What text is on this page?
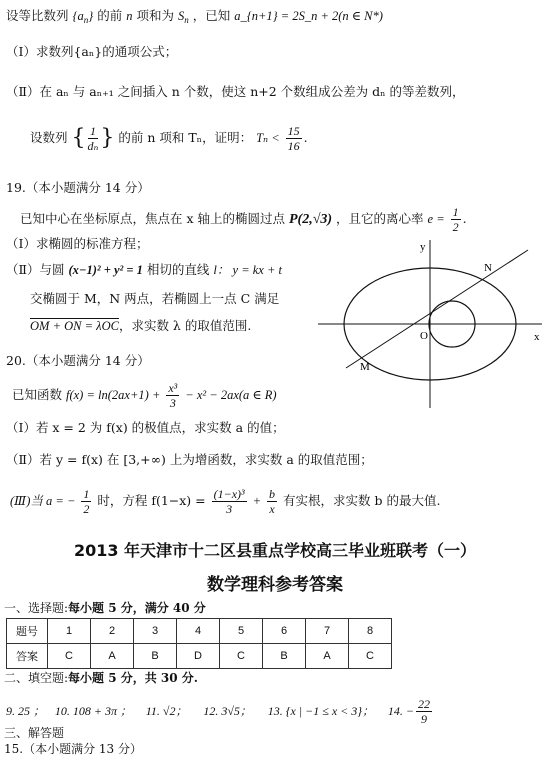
设等比数列 $\{a_n\}$ 的前 n 项和为 $S_n$ ，已知 a_{n+1} = 2S_n + 2(n ∈ N*)
（Ⅰ）求数列{aₙ}的通项公式；
（Ⅱ）在 aₙ 与 aₙ₊₁ 之间插入 n 个数，使这 n+2 个数组成公差为 dₙ 的等差数列，
设数列 { $\frac{1}{\text{dₙ}}$ } 的前 n 项和 Tₙ，证明： $T_n < \frac{15}{16}$ .
19.（本小题满分 14 分）
已知中心在坐标原点，焦点在 x 轴上的椭圆过点 P(2,√3) ，且它的离心率 $e = \frac{1}{2}$ .
（Ⅰ）求椭圆的标准方程；
（Ⅱ）与圆 (x−1)² + y² = 1 相切的直线 l： y = kx + t
交椭圆于 M，N 两点，若椭圆上一点 C 满足
OM + ON = λOC，求实数 λ 的取值范围.
y
x
O
N
M
20.（本小题满分 14 分）
已知函数 $f(x) = \ln(2ax+1) + \frac{\text{x³}}{3} - x^2 - 2ax(a$ ∈ R)
（Ⅰ）若 x = 2 为 f(x) 的极值点，求实数 a 的值；
（Ⅱ）若 y = f(x) 在 [3,+∞) 上为增函数，求实数 a 的取值范围；
(Ⅲ)当 a = − $\frac{1}{2}$ 时，方程 $f(1-x) = \frac{\text{(1−x)³}}{3} + \frac{b}{x}$ 有实根，求实数 b 的最大值.
2013 年天津市十二区县重点学校高三毕业班联考（一）
数学理科参考答案
一、选择题:每小题 5 分，满分 40 分
题号	1	2	3	4	5	6	7	8
答案	C	A	B	D	C	B	A	C
二、填空题:每小题 5 分，共 30 分.
9. 25 ； 10. 108 + 3π ； 11. √2； 12. 3√5； 13. {x | −1 ≤ x < 3}； 14. − $\frac{22}{9}$
三、解答题
15.（本小题满分 13 分）
